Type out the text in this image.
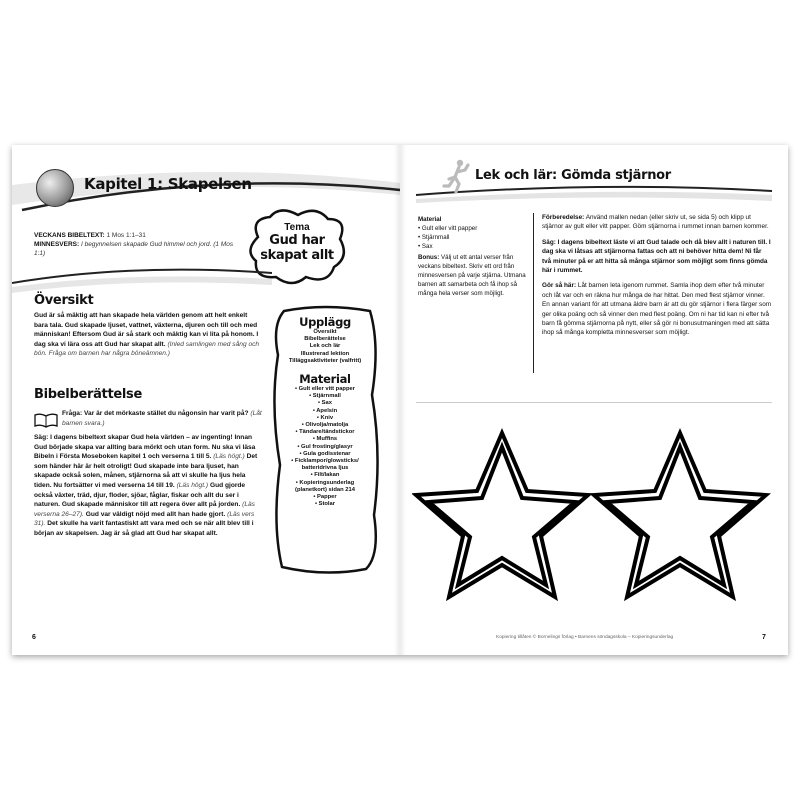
Kapitel 1: Skapelsen
VECKANS BIBELTEXT: 1 Mos 1:1–31
MINNESVERS: I begynnelsen skapade Gud himmel och jord. (1 Mos 1:1)
Tema
Gud har
skapat allt
Översikt
Gud är så mäktig att han skapade hela världen genom att helt enkelt bara tala. Gud skapade ljuset, vattnet, växterna, djuren och till och med människan! Eftersom Gud är så stark och mäktig kan vi lita på honom. I dag ska vi lära oss att Gud har skapat allt. (Inled samlingen med sång och bön. Fråga om barnen har några böneämnen.)
Bibelberättelse
Fråga: Var är det mörkaste stället du någonsin har varit på? (Låt barnen svara.)
Säg: I dagens bibeltext skapar Gud hela världen – av ingenting! Innan Gud började skapa var allting bara mörkt och utan form. Nu ska vi läsa Bibeln i Första Moseboken kapitel 1 och verserna 1 till 5. (Läs högt.) Det som händer här är helt otroligt! Gud skapade inte bara ljuset, han skapade också solen, månen, stjärnorna så att vi skulle ha ljus hela tiden. Nu fortsätter vi med verserna 14 till 19. (Läs högt.) Gud gjorde också växter, träd, djur, floder, sjöar, fåglar, fiskar och allt du ser i naturen. Gud skapade människor till att regera över allt på jorden. (Läs verserna 26–27). Gud var väldigt nöjd med allt han hade gjort. (Läs vers 31). Det skulle ha varit fantastiskt att vara med och se när allt blev till i början av skapelsen. Jag är så glad att Gud har skapat allt.
Upplägg
Översikt
Bibelberättelse
Lek och lär
Illustrerad lektion
Tilläggsaktiviteter (valfritt)
Material
• Gult eller vitt papper
• Stjärnmall
• Sax
• Apelsin
• Kniv
• Olivolja/matolja
• Tändare/tändstickor
• Muffins
• Gul frosting/glasyr
• Gula godisstenar
• Ficklampor/glowsticks/
batteridrivna ljus
• Filt/lakan
• Kopieringsunderlag
(planetkort) sidan 214
• Papper
• Stolar
6
Lek och lär: Gömda stjärnor
Material
• Gult eller vitt papper
• Stjärnmall
• Sax
Bonus: Välj ut ett antal verser från veckans bibeltext. Skriv ett ord från minnesversen på varje stjärna. Utmana barnen att samarbeta och få ihop så många hela verser som möjligt.

Förberedelse: Använd mallen nedan (eller skriv ut, se sida 5) och klipp ut stjärnor av gult eller vitt papper. Göm stjärnorna i rummet innan barnen kommer.

Säg: I dagens bibeltext läste vi att Gud talade och då blev allt i naturen till. I dag ska vi låtsas att stjärnorna fattas och att ni behöver hitta dem! Ni får två minuter på er att hitta så många stjärnor som möjligt som finns gömda här i rummet.

Gör så här: Låt barnen leta igenom rummet. Samla ihop dem efter två minuter och låt var och en räkna hur många de har hittat. Den med flest stjärnor vinner. En annan variant för att utmana äldre barn är att du gör stjärnor i flera färger som ger olika poäng och så vinner den med flest poäng. Om ni har tid kan ni efter två barn få gömma stjärnorna på nytt, eller så gör ni bonusutmaningen med att sätta ihop så många kompletta minnesverser som möjligt.

Kopiering tillåten © Bornelings förlag • Barnens söndagsskola – Kopieringsunderlag	7
